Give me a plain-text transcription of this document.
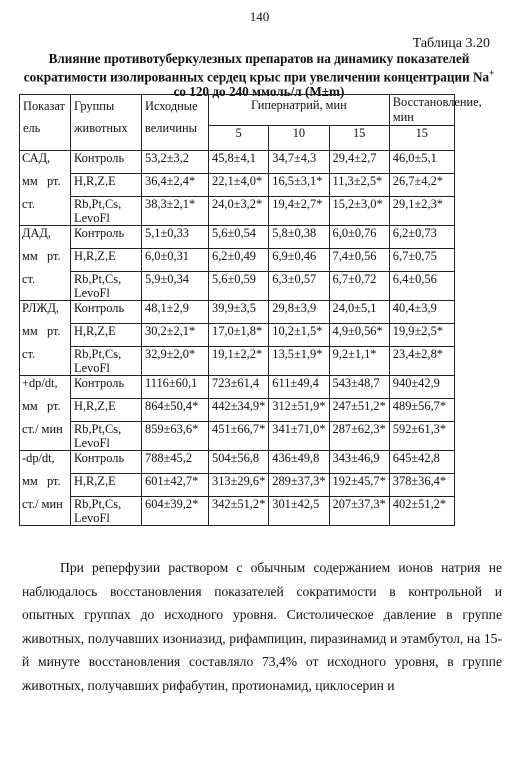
140
Таблица 3.20
Влияние противотуберкулезных препаратов на динамику показателей
сократимости изолированных сердец крыс при увеличении концентрации Na+
со 120 до 240 ммоль/л (M±m)
Показатель	Группы животных	Исходные величины	Гипернатрий, мин			Восстановление, мин

			5	10	15	15
САД,	Контроль	53,2±3,2	45,8±4,1	34,7±4,3	29,4±2,7	46,0±5,1
мм   рт.	H,R,Z,E	36,4±2,4*	22,1±4,0*	16,5±3,1*	11,3±2,5*	26,7±4,2*
ст.	Rb,Pt,Cs, LevoFl	38,3±2,1*	24,0±3,2*	19,4±2,7*	15,2±3,0*	29,1±2,3*
ДАД,	Контроль	5,1±0,33	5,6±0,54	5,8±0,38	6,0±0,76	6,2±0,73
мм   рт.	H,R,Z,E	6,0±0,31	6,2±0,49	6,9±0,46	7,4±0,56	6,7±0,75
ст.	Rb,Pt,Cs, LevoFl	5,9±0,34	5,6±0,59	6,3±0,57	6,7±0,72	6,4±0,56
РЛЖД,	Контроль	48,1±2,9	39,9±3,5	29,8±3,9	24,0±5,1	40,4±3,9
мм   рт.	H,R,Z,E	30,2±2,1*	17,0±1,8*	10,2±1,5*	4,9±0,56*	19,9±2,5*
ст.	Rb,Pt,Cs, LevoFl	32,9±2,0*	19,1±2,2*	13,5±1,9*	9,2±1,1*	23,4±2,8*
+dp/dt,	Контроль	1116±60,1	723±61,4	611±49,4	543±48,7	940±42,9
мм   рт.	H,R,Z,E	864±50,4*	442±34,9*	312±51,9*	247±51,2*	489±56,7*
ст./ мин	Rb,Pt,Cs, LevoFl	859±63,6*	451±66,7*	341±71,0*	287±62,3*	592±61,3*
-dp/dt,	Контроль	788±45,2	504±56,8	436±49,8	343±46,9	645±42,8
мм   рт.	H,R,Z,E	601±42,7*	313±29,6*	289±37,3*	192±45,7*	378±36,4*
ст./ мин	Rb,Pt,Cs, LevoFl	604±39,2*	342±51,2*	301±42,5	207±37,3*	402±51,2*
При реперфузии раствором с обычным содержанием ионов натрия не наблюдалось восстановления показателей сократимости в контрольной и опытных группах до исходного уровня. Систолическое давление в группе животных, получавших изониазид, рифампицин, пиразинамид и этамбутол, на 15-й минуте восстановления составляло 73,4% от исходного уровня, в группе животных, получавших рифабутин, протионамид, циклосерин и
